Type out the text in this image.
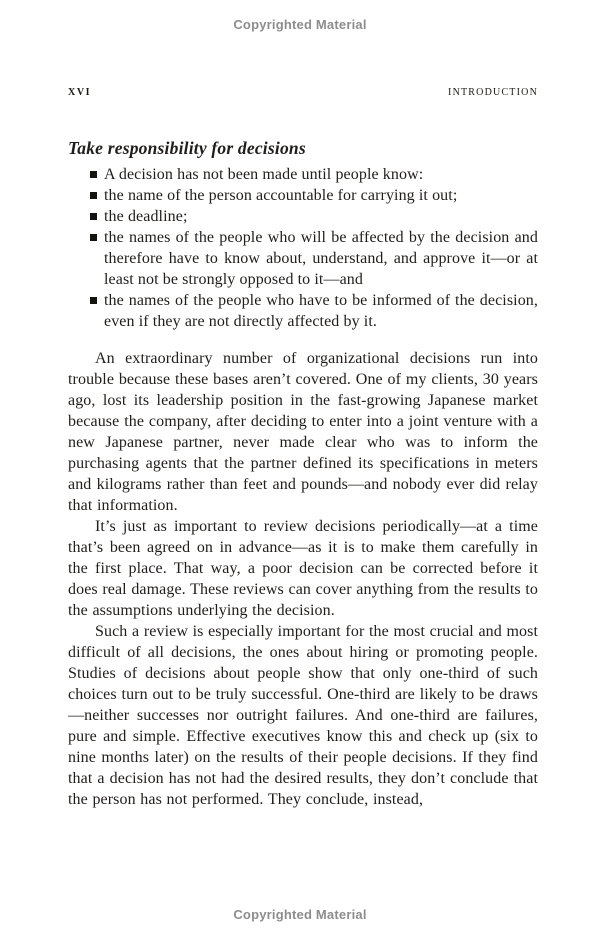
Copyrighted Material
XVI	INTRODUCTION
Take responsibility for decisions
A decision has not been made until people know:
the name of the person accountable for carrying it out;
the deadline;
the names of the people who will be affected by the decision and therefore have to know about, understand, and approve it—or at least not be strongly opposed to it—and
the names of the people who have to be informed of the decision, even if they are not directly affected by it.

An extraordinary number of organizational decisions run into trouble because these bases aren’t covered. One of my clients, 30 years ago, lost its leadership position in the fast-growing Japanese market because the company, after deciding to enter into a joint venture with a new Japanese partner, never made clear who was to inform the purchasing agents that the partner defined its specifications in meters and kilograms rather than feet and pounds—and nobody ever did relay that information.

It’s just as important to review decisions periodically—at a time that’s been agreed on in advance—as it is to make them carefully in the first place. That way, a poor decision can be corrected before it does real damage. These reviews can cover anything from the results to the assumptions underlying the decision.

Such a review is especially important for the most crucial and most difficult of all decisions, the ones about hiring or promoting people. Studies of decisions about people show that only one-third of such choices turn out to be truly successful. One-third are likely to be draws—neither successes nor outright failures. And one-third are failures, pure and simple. Effective executives know this and check up (six to nine months later) on the results of their people decisions. If they find that a decision has not had the desired results, they don’t conclude that the person has not performed. They conclude, instead,

Copyrighted Material
